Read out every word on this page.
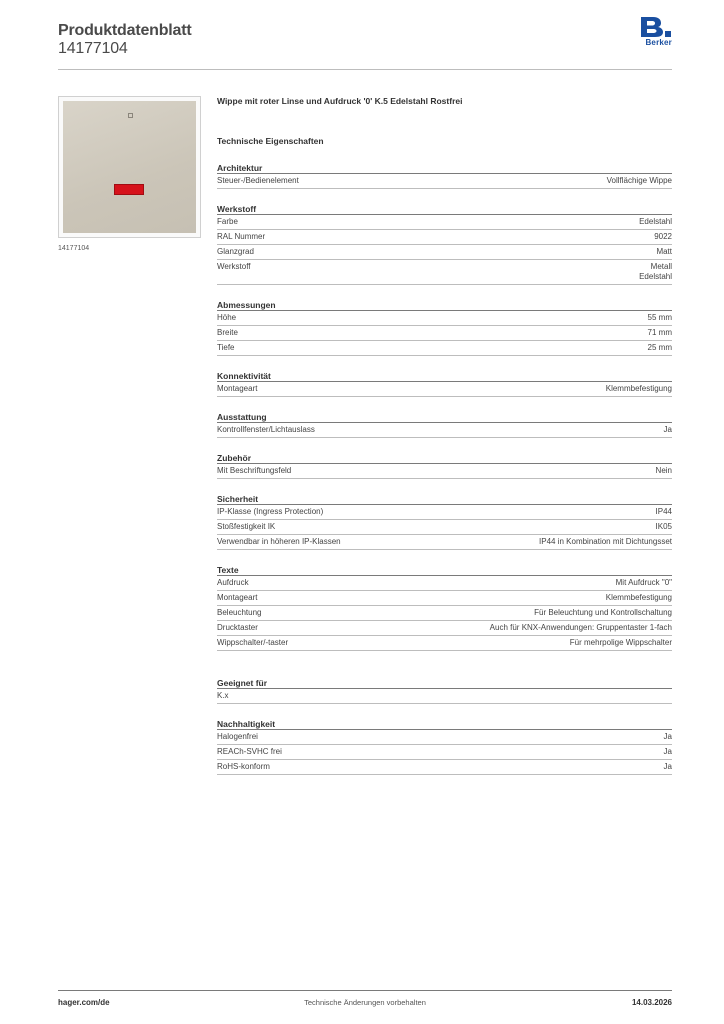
Produktdatenblatt
14177104	Berker
14177104
Wippe mit roter Linse und Aufdruck '0' K.5 Edelstahl Rostfrei
Technische Eigenschaften
Architektur
Steuer-/Bedienelement	Vollflächige Wippe
Werkstoff
Farbe	Edelstahl
RAL Nummer	9022
Glanzgrad	Matt
Werkstoff	Metall
Edelstahl
Abmessungen
Höhe	55 mm
Breite	71 mm
Tiefe	25 mm
Konnektivität
Montageart	Klemmbefestigung
Ausstattung
Kontrollfenster/Lichtauslass	Ja
Zubehör
Mit Beschriftungsfeld	Nein
Sicherheit
IP-Klasse (Ingress Protection)	IP44
Stoßfestigkeit IK	IK05
Verwendbar in höheren IP-Klassen	IP44 in Kombination mit Dichtungsset
Texte
Aufdruck	Mit Aufdruck "0"
Montageart	Klemmbefestigung
Beleuchtung	Für Beleuchtung und Kontrollschaltung
Drucktaster	Auch für KNX-Anwendungen: Gruppentaster 1-fach
Wippschalter/-taster	Für mehrpolige Wippschalter
Geeignet für
K.x
Nachhaltigkeit
Halogenfrei	Ja
REACh-SVHC frei	Ja
RoHS-konform	Ja
hager.com/de	Technische Änderungen vorbehalten	14.03.2026
